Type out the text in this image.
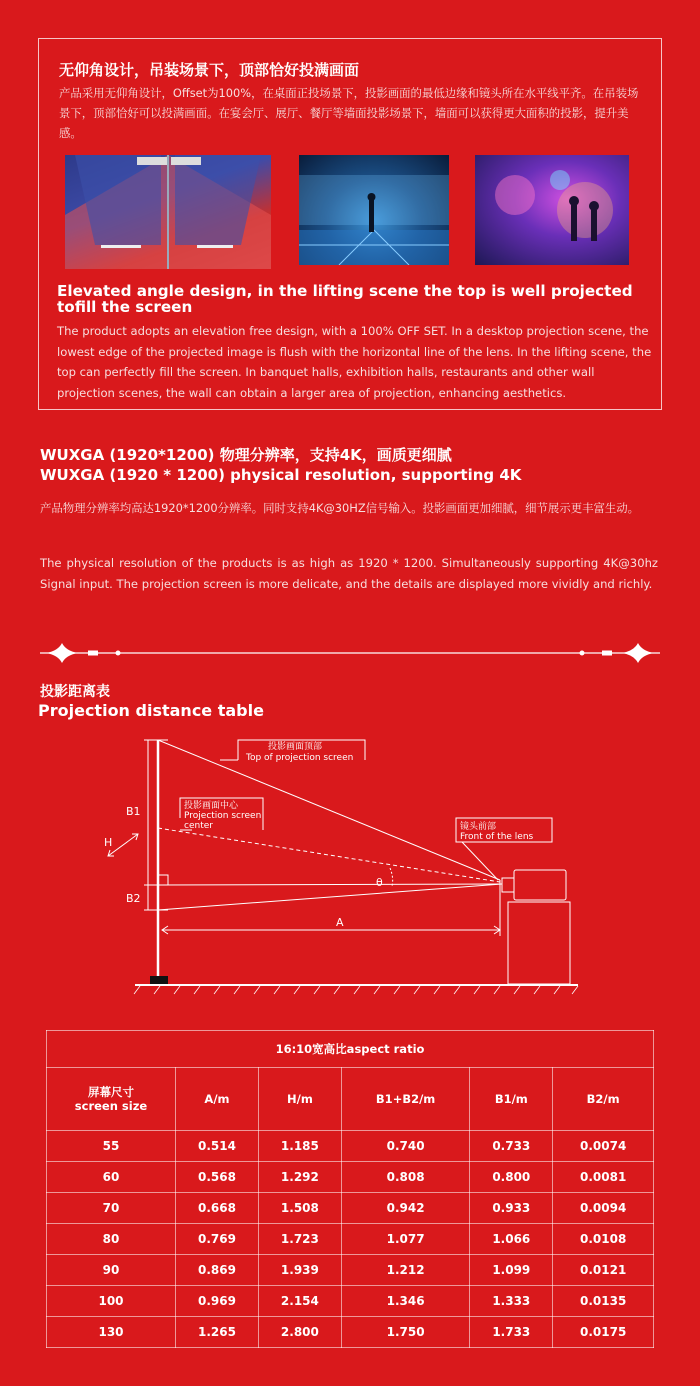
无仰角设计，吊装场景下，顶部恰好投满画面
产品采用无仰角设计，Offset为100%，在桌面正投场景下，投影画面的最低边缘和镜头所在水平线平齐。在吊装场景下，顶部恰好可以投满画面。在宴会厅、展厅、餐厅等墙面投影场景下，墙面可以获得更大面积的投影，提升美感。
Elevated angle design, in the lifting scene the top is well projected tofill the screen
The product adopts an elevation free design, with a 100% OFF SET. In a desktop projection scene, the lowest edge of the projected image is flush with the horizontal line of the lens. In the lifting scene, the top can perfectly fill the screen. In banquet halls, exhibition halls, restaurants and other wall projection scenes, the wall can obtain a larger area of projection, enhancing aesthetics.
WUXGA (1920*1200) 物理分辨率，支持4K，画质更细腻
WUXGA (1920 * 1200) physical resolution, supporting 4K
产品物理分辨率均高达1920*1200分辨率。同时支持4K@30HZ信号输入。投影画面更加细腻，细节展示更丰富生动。
The physical resolution of the products is as high as 1920 * 1200. Simultaneously supporting 4K@30hz Signal input. The projection screen is more delicate, and the details are displayed more vividly and richly.
投影距离表
Projection distance table
投影画面顶部
Top of projection screen
投影画面中心
Projection screen
center	镜头前部
Front of the lens
B1
B2
H
A
θ
16:10宽高比aspect ratio					
屏幕尺寸
screen size	A/m	H/m	B1+B2/m	B1/m	B2/m
55	0.514	1.185	0.740	0.733	0.0074
60	0.568	1.292	0.808	0.800	0.0081
70	0.668	1.508	0.942	0.933	0.0094
80	0.769	1.723	1.077	1.066	0.0108
90	0.869	1.939	1.212	1.099	0.0121
100	0.969	2.154	1.346	1.333	0.0135
130	1.265	2.800	1.750	1.733	0.0175
